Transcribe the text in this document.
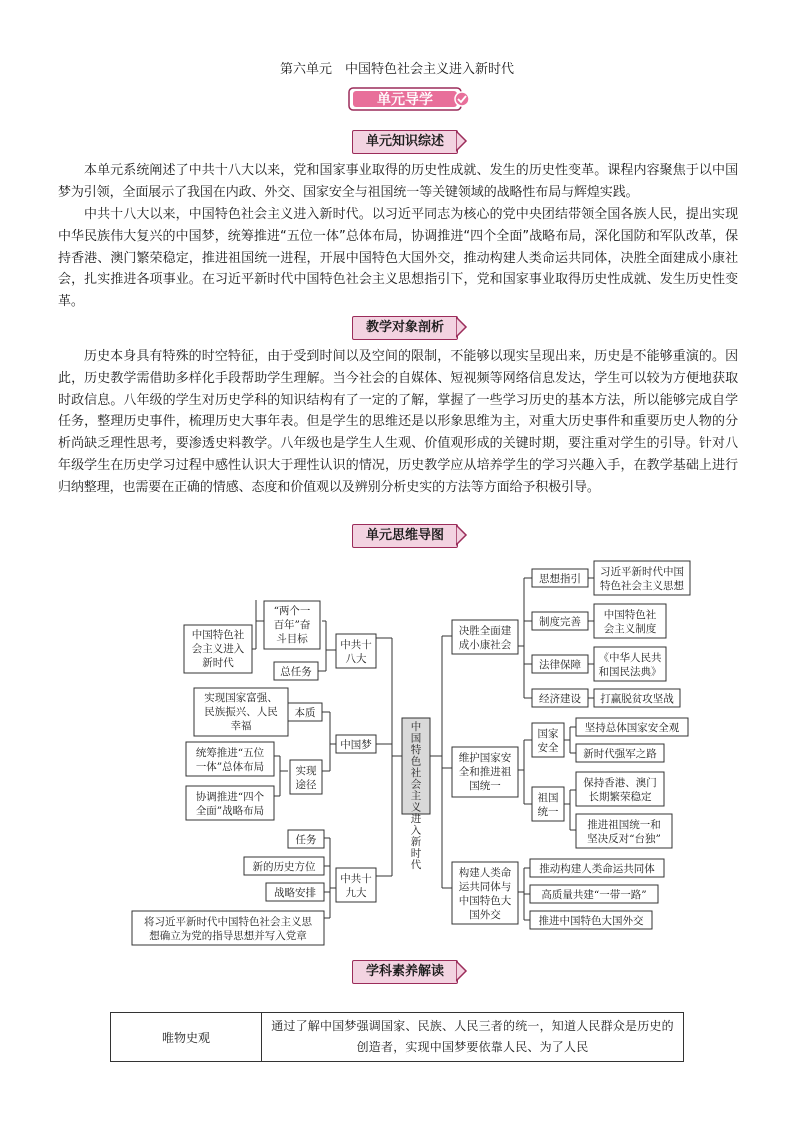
第六单元　中国特色社会主义进入新时代
单元导学
单元知识综述
本单元系统阐述了中共十八大以来，党和国家事业取得的历史性成就、发生的历史性变革。课程内容聚焦于以中国梦为引领，全面展示了我国在内政、外交、国家安全与祖国统一等关键领域的战略性布局与辉煌实践。
中共十八大以来，中国特色社会主义进入新时代。以习近平同志为核心的党中央团结带领全国各族人民，提出实现中华民族伟大复兴的中国梦，统筹推进“五位一体”总体布局，协调推进“四个全面”战略布局，深化国防和军队改革，保持香港、澳门繁荣稳定，推进祖国统一进程，开展中国特色大国外交，推动构建人类命运共同体，决胜全面建成小康社会，扎实推进各项事业。在习近平新时代中国特色社会主义思想指引下，党和国家事业取得历史性成就、发生历史性变革。
教学对象剖析
历史本身具有特殊的时空特征，由于受到时间以及空间的限制，不能够以现实呈现出来，历史是不能够重演的。因此，历史教学需借助多样化手段帮助学生理解。当今社会的自媒体、短视频等网络信息发达，学生可以较为方便地获取时政信息。八年级的学生对历史学科的知识结构有了一定的了解，掌握了一些学习历史的基本方法，所以能够完成自学任务，整理历史事件，梳理历史大事年表。但是学生的思维还是以形象思维为主，对重大历史事件和重要历史人物的分析尚缺乏理性思考，要渗透史料教学。八年级也是学生人生观、价值观形成的关键时期，要注重对学生的引导。针对八年级学生在历史学习过程中感性认识大于理性认识的情况，历史教学应从培养学生的学习兴趣入手，在教学基础上进行归纳整理，也需要在正确的情感、态度和价值观以及辨别分析史实的方法等方面给予积极引导。
单元思维导图
中国特色社会主义进入新时代
中共十八大
“两个一百年”奋斗目标
中国特色社会主义进入新时代
总任务
中国梦
本质
实现国家富强、民族振兴、人民幸福
实现途径
统筹推进“五位一体”总体布局
协调推进“四个全面”战略布局
中共十九大
任务
新的历史方位
战略安排
将习近平新时代中国特色社会主义思想确立为党的指导思想并写入党章
决胜全面建成小康社会
思想指引
习近平新时代中国特色社会主义思想
制度完善
中国特色社会主义制度
法律保障
《中华人民共和国民法典》
经济建设 打赢脱贫攻坚战
维护国家安全和推进祖国统一
国家安全
坚持总体国家安全观
新时代强军之路
祖国统一
保持香港、澳门长期繁荣稳定
推进祖国统一和坚决反对“台独”
构建人类命运共同体与中国特色大国外交
推动构建人类命运共同体
高质量共建“一带一路”
推进中国特色大国外交
学科素养解读
唯物史观	通过了解中国梦强调国家、民族、人民三者的统一，知道人民群众是历史的创造者，实现中国梦要依靠人民、为了人民
